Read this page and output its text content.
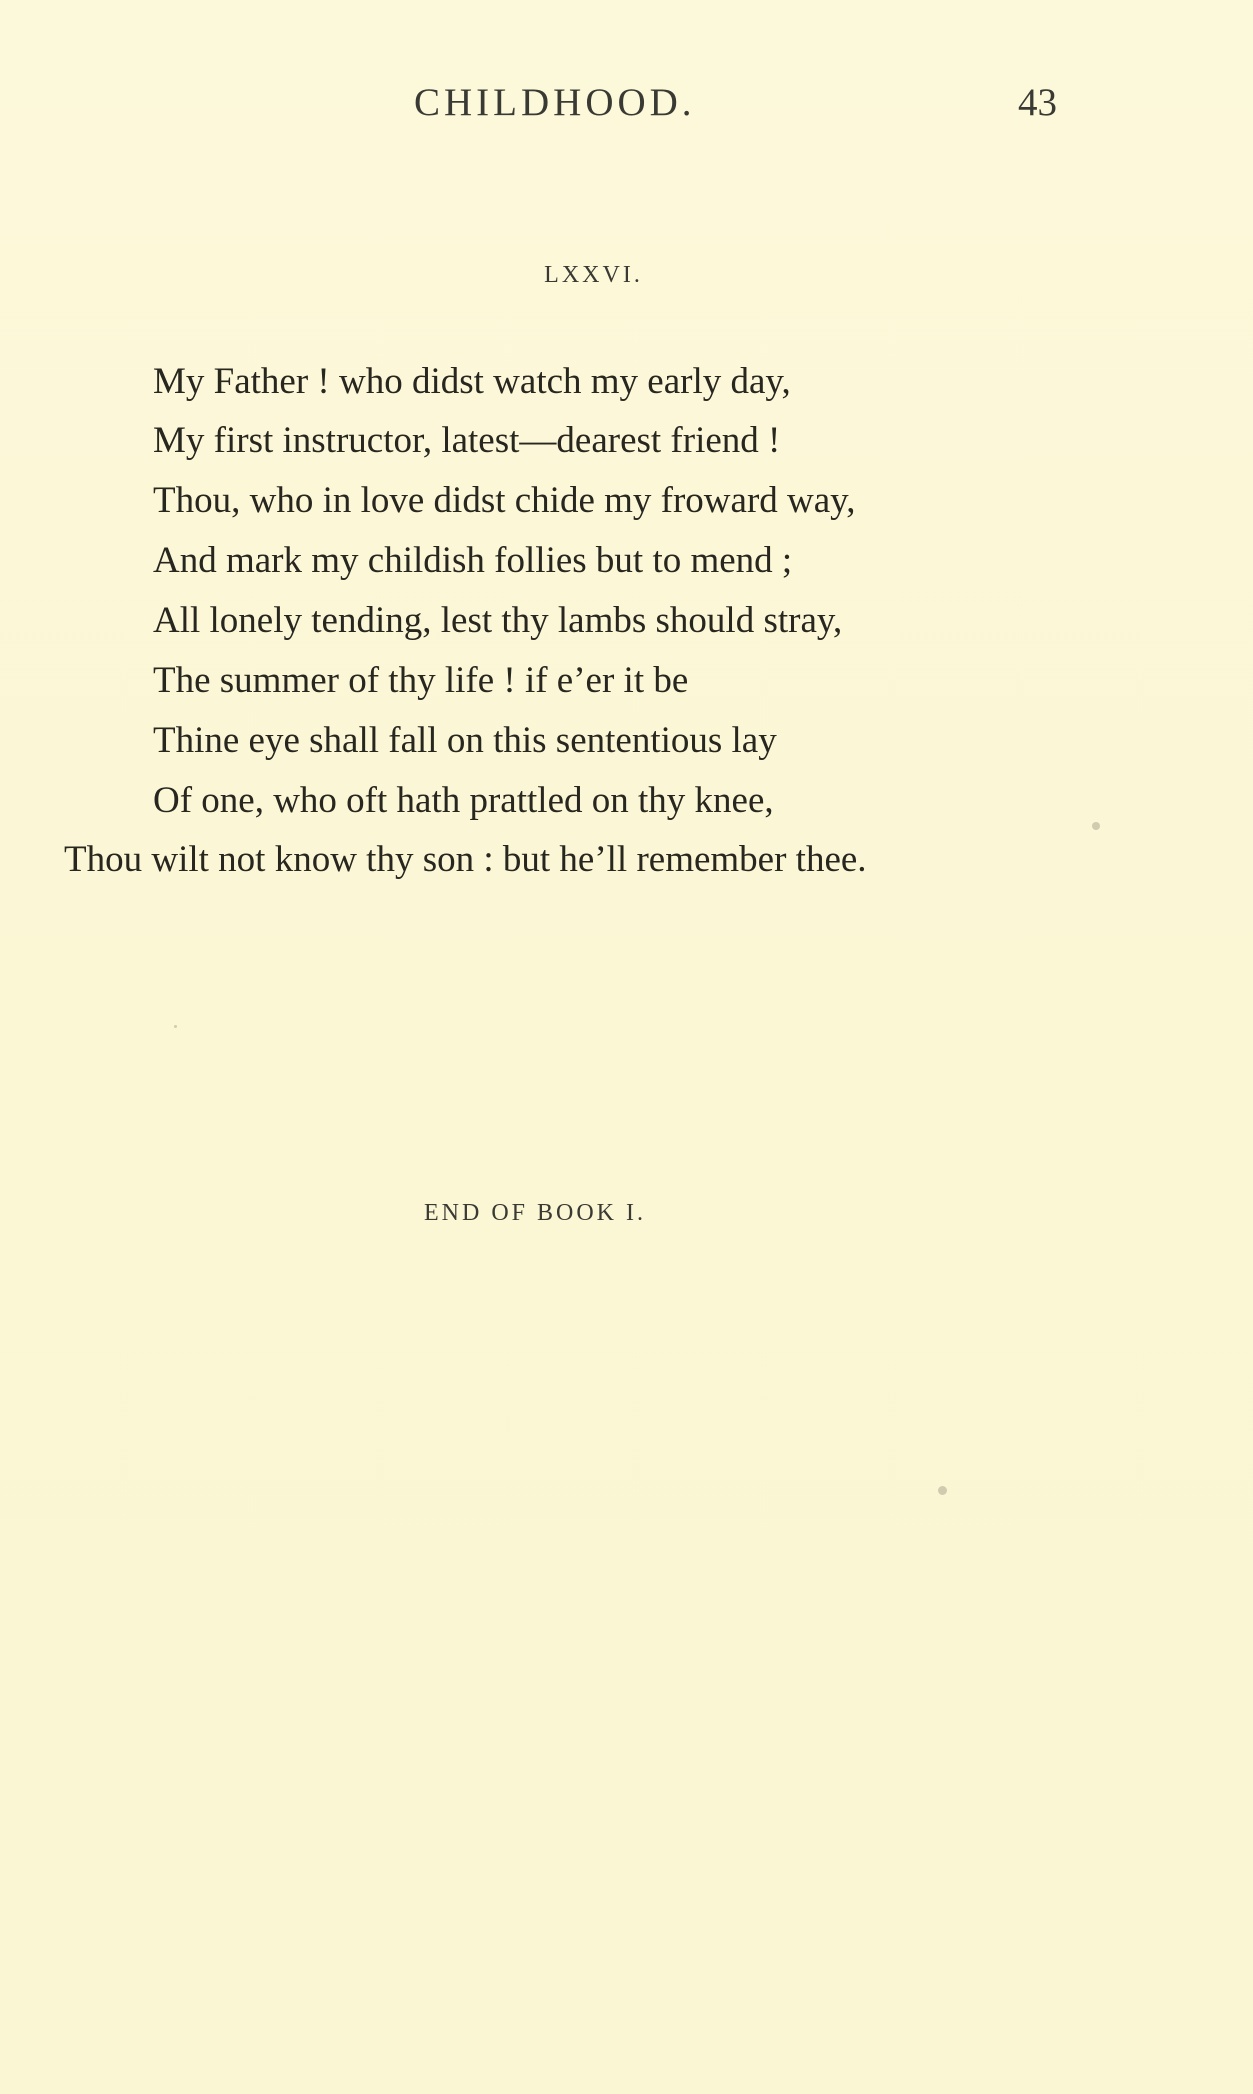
CHILDHOOD.	43
LXXVI.
My Father ! who didst watch my early day,
My first instructor, latest—dearest friend !
Thou, who in love didst chide my froward way,
And mark my childish follies but to mend ;
All lonely tending, lest thy lambs should stray,
The summer of thy life ! if e’er it be
Thine eye shall fall on this sententious lay
Of one, who oft hath prattled on thy knee,
Thou wilt not know thy son : but he’ll remember thee.
END OF BOOK I.
